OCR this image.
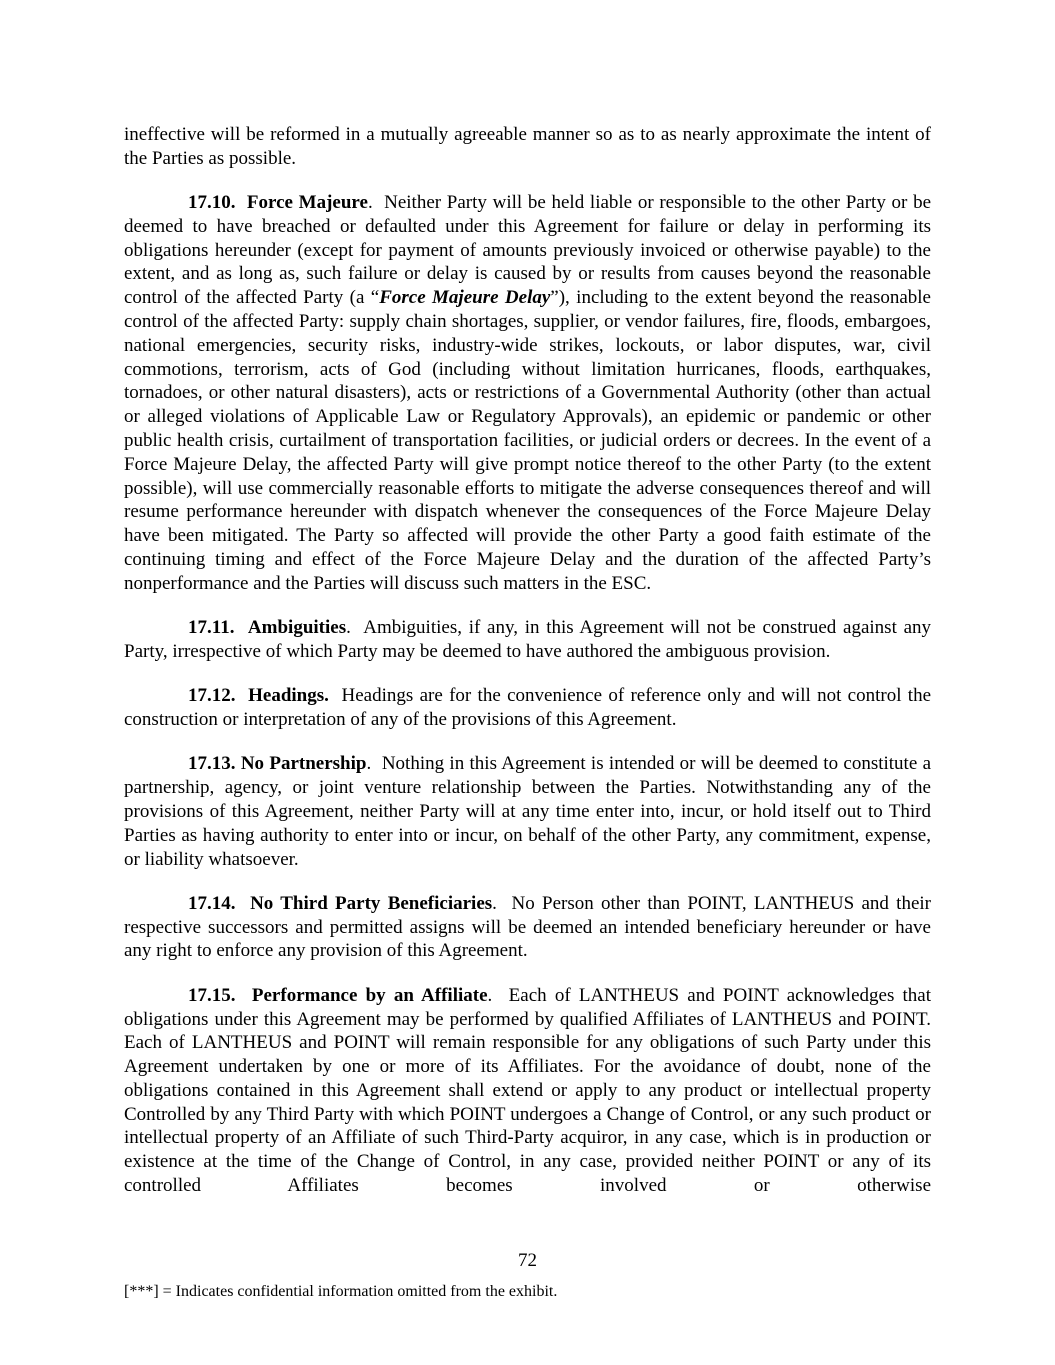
ineffective will be reformed in a mutually agreeable manner so as to as nearly approximate the intent of the Parties as possible.

17.10. Force Majeure. Neither Party will be held liable or responsible to the other Party or be deemed to have breached or defaulted under this Agreement for failure or delay in performing its obligations hereunder (except for payment of amounts previously invoiced or otherwise payable) to the extent, and as long as, such failure or delay is caused by or results from causes beyond the reasonable control of the affected Party (a “Force Majeure Delay”), including to the extent beyond the reasonable control of the affected Party: supply chain shortages, supplier, or vendor failures, fire, floods, embargoes, national emergencies, security risks, industry-wide strikes, lockouts, or labor disputes, war, civil commotions, terrorism, acts of God (including without limitation hurricanes, floods, earthquakes, tornadoes, or other natural disasters), acts or restrictions of a Governmental Authority (other than actual or alleged violations of Applicable Law or Regulatory Approvals), an epidemic or pandemic or other public health crisis, curtailment of transportation facilities, or judicial orders or decrees. In the event of a Force Majeure Delay, the affected Party will give prompt notice thereof to the other Party (to the extent possible), will use commercially reasonable efforts to mitigate the adverse consequences thereof and will resume performance hereunder with dispatch whenever the consequences of the Force Majeure Delay have been mitigated. The Party so affected will provide the other Party a good faith estimate of the continuing timing and effect of the Force Majeure Delay and the duration of the affected Party’s nonperformance and the Parties will discuss such matters in the ESC.

17.11. Ambiguities. Ambiguities, if any, in this Agreement will not be construed against any Party, irrespective of which Party may be deemed to have authored the ambiguous provision.

17.12. Headings. Headings are for the convenience of reference only and will not control the construction or interpretation of any of the provisions of this Agreement.

17.13. No Partnership. Nothing in this Agreement is intended or will be deemed to constitute a partnership, agency, or joint venture relationship between the Parties. Notwithstanding any of the provisions of this Agreement, neither Party will at any time enter into, incur, or hold itself out to Third Parties as having authority to enter into or incur, on behalf of the other Party, any commitment, expense, or liability whatsoever.

17.14. No Third Party Beneficiaries. No Person other than POINT, LANTHEUS and their respective successors and permitted assigns will be deemed an intended beneficiary hereunder or have any right to enforce any provision of this Agreement.

17.15. Performance by an Affiliate. Each of LANTHEUS and POINT acknowledges that obligations under this Agreement may be performed by qualified Affiliates of LANTHEUS and POINT. Each of LANTHEUS and POINT will remain responsible for any obligations of such Party under this Agreement undertaken by one or more of its Affiliates. For the avoidance of doubt, none of the obligations contained in this Agreement shall extend or apply to any product or intellectual property Controlled by any Third Party with which POINT undergoes a Change of Control, or any such product or intellectual property of an Affiliate of such Third-Party acquiror, in any case, which is in production or existence at the time of the Change of Control, in any case, provided neither POINT or any of its controlled Affiliates becomes involved or otherwise

72
[***] = Indicates confidential information omitted from the exhibit.
